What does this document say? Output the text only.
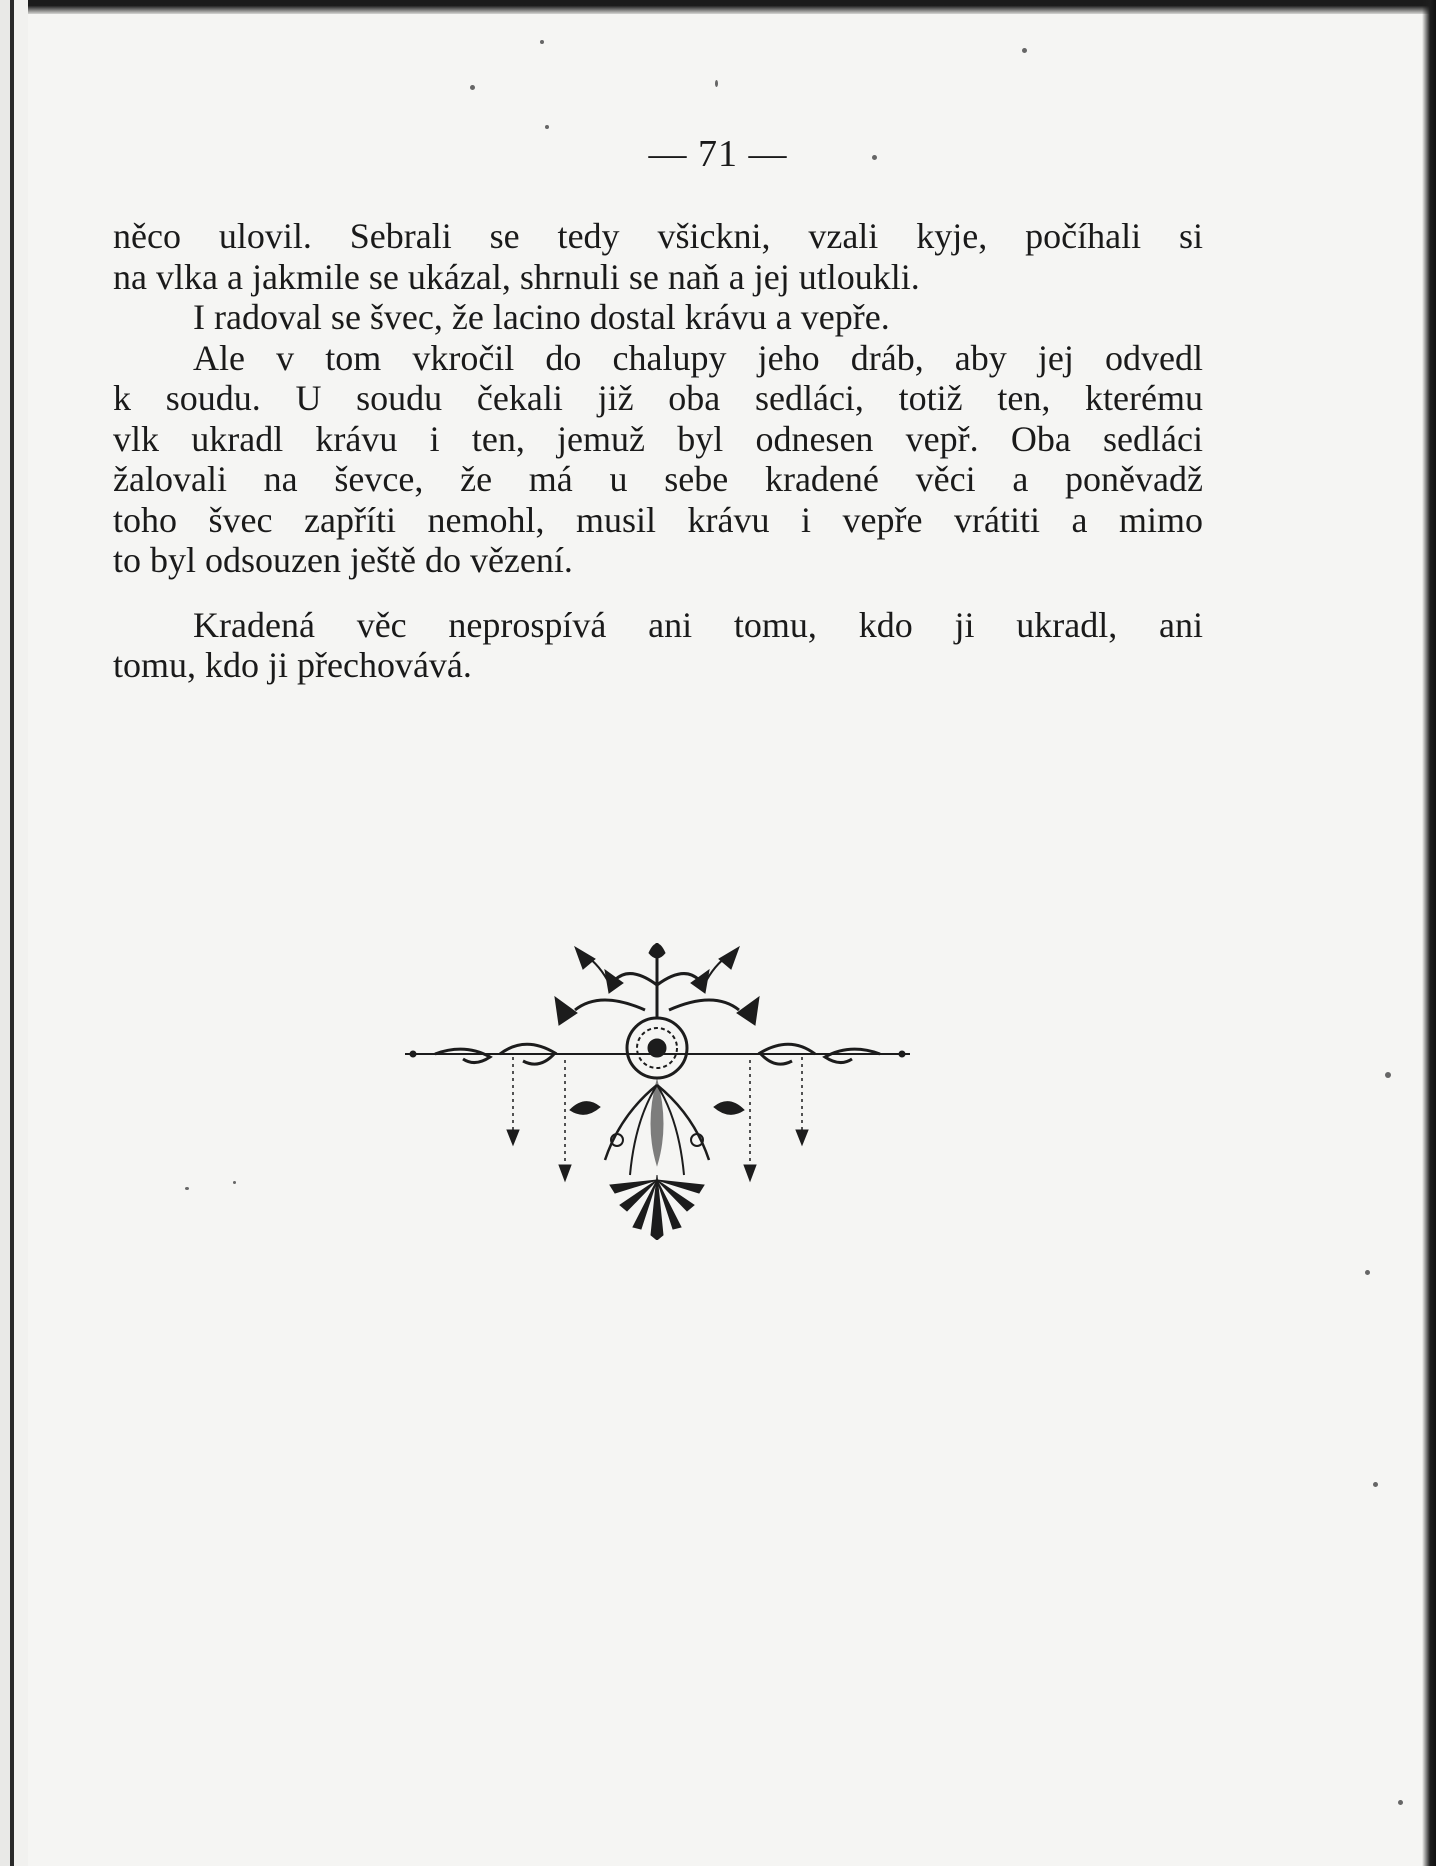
— 71 —
něco ulovil. Sebrali se tedy všickni, vzali kyje, počíhali si
na vlka a jakmile se ukázal, shrnuli se naň a jej utloukli.
I radoval se švec, že lacino dostal krávu a vepře.
Ale v tom vkročil do chalupy jeho dráb, aby jej odvedl
k soudu. U soudu čekali již oba sedláci, totiž ten, kterému
vlk ukradl krávu i ten, jemuž byl odnesen vepř. Oba sedláci
žalovali na ševce, že má u sebe kradené věci a poněvadž
toho švec zapříti nemohl, musil krávu i vepře vrátiti a mimo
to byl odsouzen ještě do vězení.
Kradená věc neprospívá ani tomu, kdo ji ukradl, ani
tomu, kdo ji přechovává.
